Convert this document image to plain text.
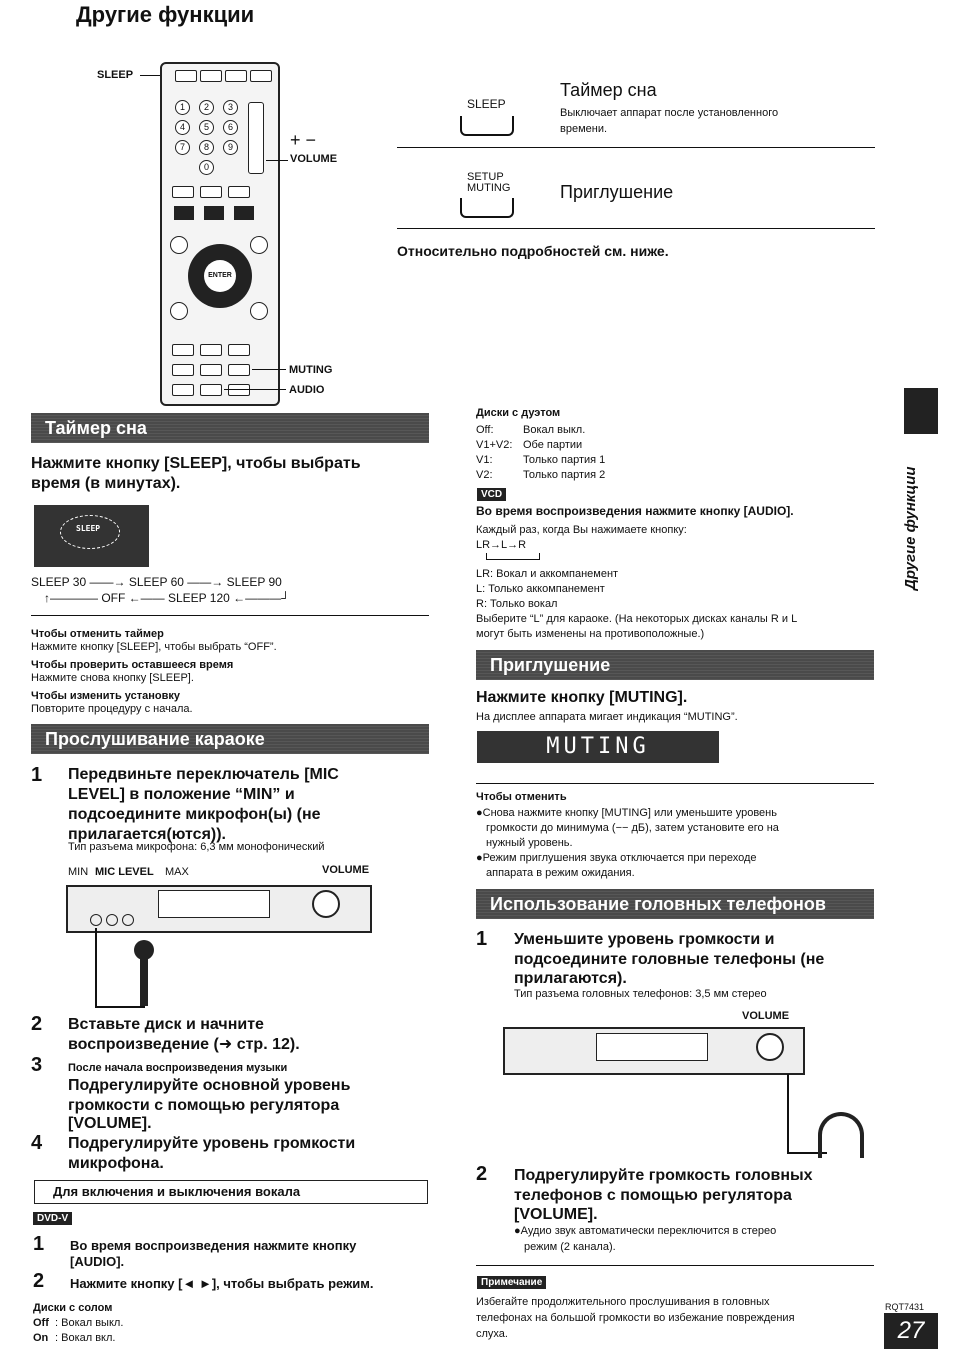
Другие функции
SLEEP
1	2	3
4	5	6
7	8	9
0
+ −
VOLUME
ENTER
MUTING
AUDIO
SLEEP
Таймер сна
Выключает аппарат после установленного
времени.
SETUP
MUTING	Приглушение
Относительно подробностей см. ниже.
Таймер сна
Нажмите кнопку [SLEEP], чтобы выбрать
время (в минутах).
SLEEP
SLEEP 30 ——→ SLEEP 60 ——→ SLEEP 90
↑———— OFF ←—— SLEEP 120 ←———┘
Чтобы отменить таймер
Нажмите кнопку [SLEEP], чтобы выбрать “OFF”.
Чтобы проверить оставшееся время
Нажмите снова кнопку [SLEEP].
Чтобы изменить установку
Повторите процедуру с начала.
Прослушивание караоке
1 Передвиньте переключатель [MIC
LEVEL] в положение “MIN” и
подсоедините микрофон(ы) (не
прилагается(ются)).
Тип разъема микрофона: 6,3 мм монофонический
MIN MIC LEVEL MAX	VOLUME
2 Вставьте диск и начните
воспроизведение (➜ стр. 12).
3 После начала воспроизведения музыки
Подрегулируйте основной уровень
громкости с помощью регулятора
[VOLUME].
4 Подрегулируйте уровень громкости
микрофона.
Для включения и выключения вокала
DVD-V
1 Во время воспроизведения нажмите кнопку
[AUDIO].
2 Нажмите кнопку [◄ ►], чтобы выбрать режим.
Диски с солом
Off : Вокал выкл.
On : Вокал вкл.
Диски с дуэтом
Off:	Вокал выкл.
V1+V2: Обе партии
V1:	Только партия 1
V2:	Только партия 2
VCD
Во время воспроизведения нажмите кнопку [AUDIO].
Каждый раз, когда Вы нажимаете кнопку:
LR→L→R
LR: Вокал и аккомпанемент
L: Только аккомпанемент
R: Только вокал
Выберите “L” для караоке. (На некоторых дисках каналы R и L
могут быть изменены на противоположные.)
Приглушение
Нажмите кнопку [MUTING].
На дисплее аппарата мигает индикация “MUTING”.
MUTING
Чтобы отменить
●Снова нажмите кнопку [MUTING] или уменьшите уровень
громкости до минимума (−− дБ), затем установите его на
нужный уровень.
●Режим приглушения звука отключается при переходе
аппарата в режим ожидания.
Использование головных телефонов
1 Уменьшите уровень громкости и
подсоедините головные телефоны (не
прилагаются).
Тип разъема головных телефонов: 3,5 мм стерео
VOLUME
2 Подрегулируйте громкость головных
телефонов с помощью регулятора
[VOLUME].
●Аудио звук автоматически переключится в стерео
режим (2 канала).
Примечание
Избегайте продолжительного прослушивания в головных
телефонах на большой громкости во избежание повреждения
слуха.
Другие функции
RQT7431
27
